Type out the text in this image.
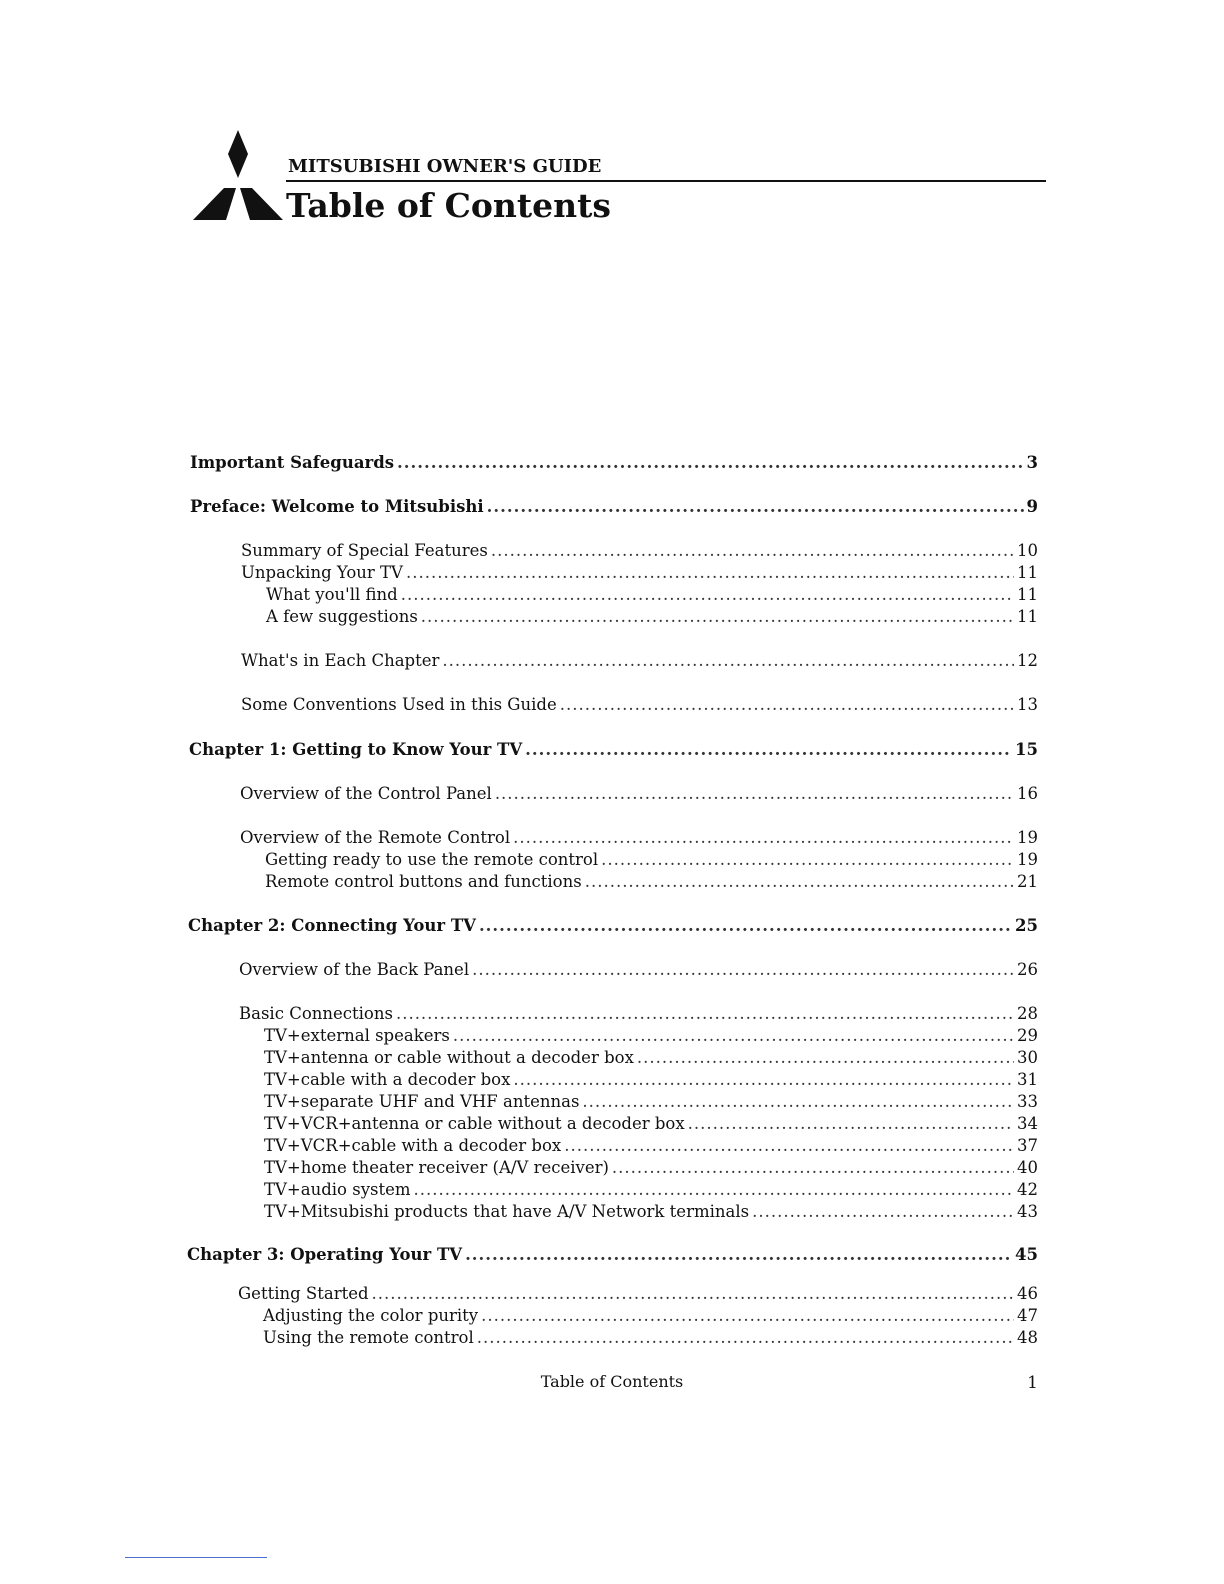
MITSUBISHI OWNER'S GUIDE
Table of Contents
Important Safeguards .....	3
Preface: Welcome to Mitsubishi .....	9
Summary of Special Features .....	10
Unpacking Your TV .....	11
What you'll find .....	11
A few suggestions .....	11
What's in Each Chapter .....	12
Some Conventions Used in this Guide .....	13
Chapter 1: Getting to Know Your TV .....	15
Overview of the Control Panel .....	16
Overview of the Remote Control .....	19
Getting ready to use the remote control .....	19
Remote control buttons and functions .....	21
Chapter 2: Connecting Your TV .....	25
Overview of the Back Panel .....	26
Basic Connections .....	28
TV+external speakers .....	29
TV+antenna or cable without a decoder box .....	30
TV+cable with a decoder box .....	31
TV+separate UHF and VHF antennas .....	33
TV+VCR+antenna or cable without a decoder box .....	34
TV+VCR+cable with a decoder box .....	37
TV+home theater receiver (A/V receiver) .....	40
TV+audio system .....	42
TV+Mitsubishi products that have A/V Network terminals .....	43
Chapter 3: Operating Your TV .....	45
Getting Started .....	46
Adjusting the color purity .....	47
Using the remote control .....	48
Table of Contents	1
